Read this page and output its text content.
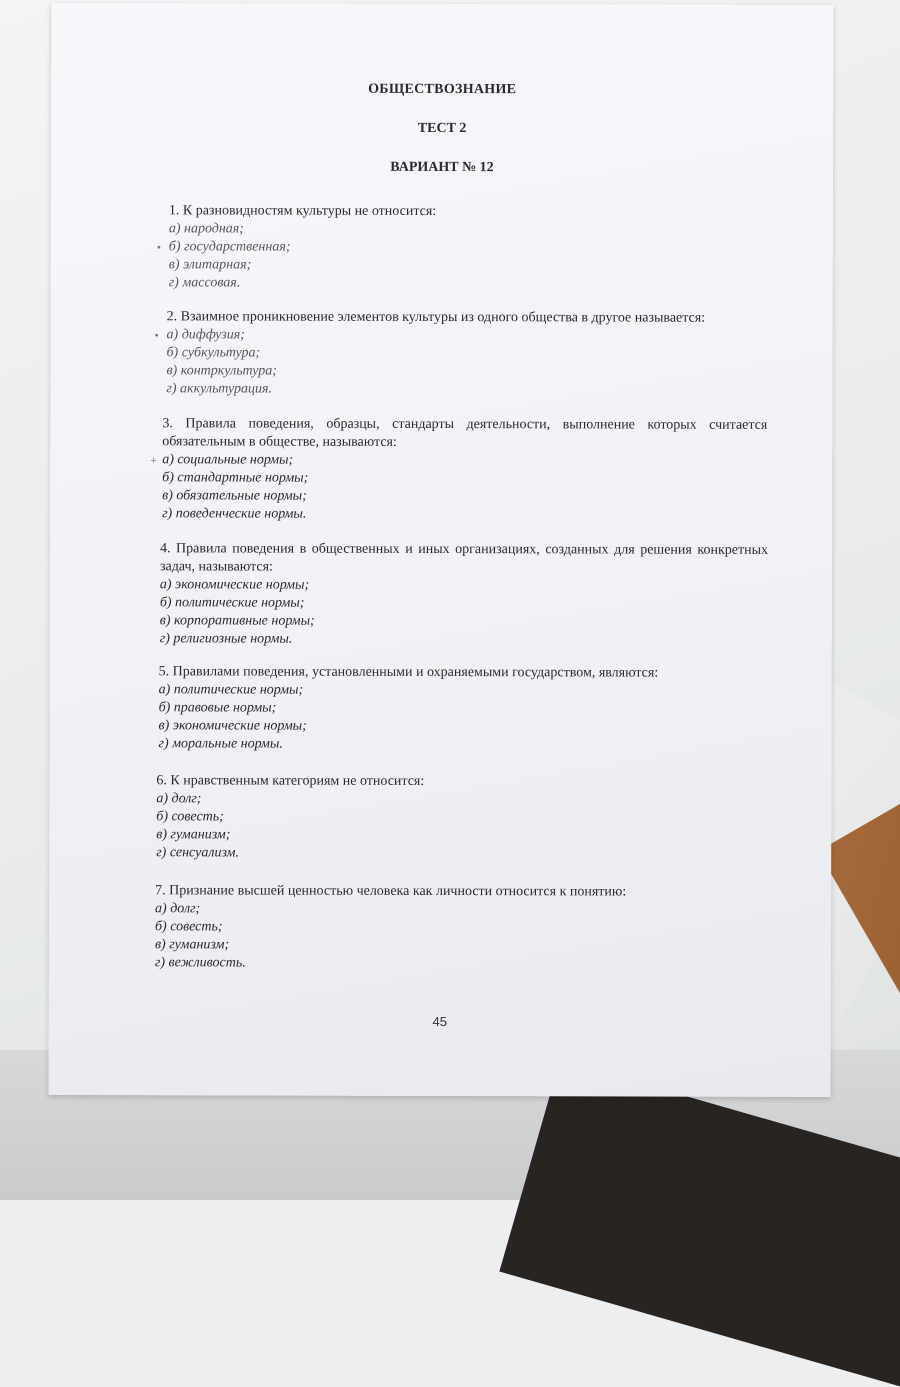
ОБЩЕСТВОЗНАНИЕ
ТЕСТ 2
ВАРИАНТ № 12

1. К разновидностям культуры не относится:

а) народная;
• б) государственная;
в) элитарная;
г) массовая.

2. Взаимное проникновение элементов культуры из одного общества в другое называется:

• а) диффузия;
б) субкультура;
в) контркультура;
г) аккультурация.

3. Правила поведения, образцы, стандарты деятельности, выполнение которых считается обязательным в обществе, называются:

+ а) социальные нормы;
б) стандартные нормы;
в) обязательные нормы;
г) поведенческие нормы.

4. Правила поведения в общественных и иных организациях, созданных для решения конкретных задач, называются:

а) экономические нормы;
б) политические нормы;
в) корпоративные нормы;
г) религиозные нормы.

5. Правилами поведения, установленными и охраняемыми государством, являются:

а) политические нормы;
б) правовые нормы;
в) экономические нормы;
г) моральные нормы.

6. К нравственным категориям не относится:

а) долг;
б) совесть;
в) гуманизм;
г) сенсуализм.

7. Признание высшей ценностью человека как личности относится к понятию:

а) долг;
б) совесть;
в) гуманизм;
г) вежливость.
45
